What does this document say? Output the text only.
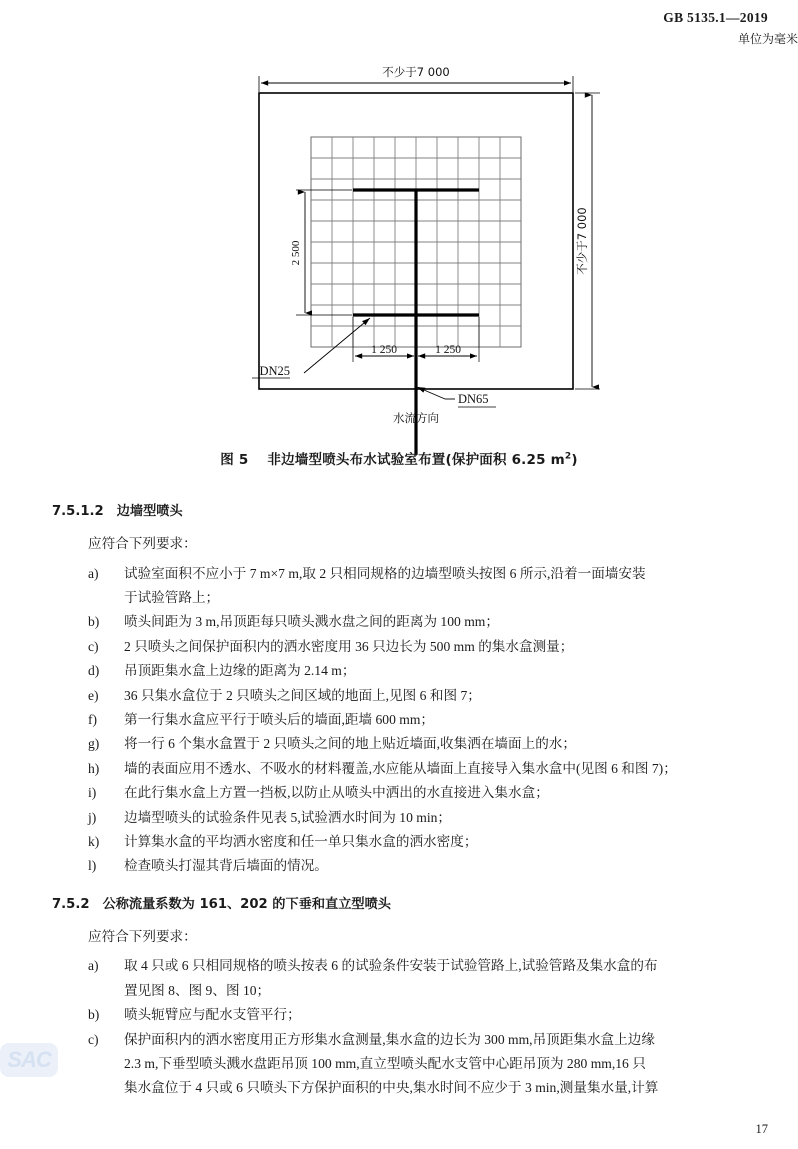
GB 5135.1—2019
单位为毫米
SAC
不少于7 000
不少于7 000
2 500
1 250	1 250
DN25
DN65
水流方向
图 5 非边墙型喷头布水试验室布置(保护面积 6.25 $m^2$)
7.5.1.2 边墙型喷头

应符合下列要求：

a)	试验室面积不应小于 7 m×7 m,取 2 只相同规格的边墙型喷头按图 6 所示,沿着一面墙安装
于试验管路上；
b)	喷头间距为 3 m,吊顶距每只喷头溅水盘之间的距离为 100 mm；
c)	2 只喷头之间保护面积内的洒水密度用 36 只边长为 500 mm 的集水盒测量；
d)	吊顶距集水盒上边缘的距离为 2.14 m；
e)	36 只集水盒位于 2 只喷头之间区域的地面上,见图 6 和图 7；
f)	第一行集水盒应平行于喷头后的墙面,距墙 600 mm；
g)	将一行 6 个集水盒置于 2 只喷头之间的地上贴近墙面,收集洒在墙面上的水；
h)	墙的表面应用不透水、不吸水的材料覆盖,水应能从墙面上直接导入集水盒中(见图 6 和图 7)；
i)	在此行集水盒上方置一挡板,以防止从喷头中洒出的水直接进入集水盒；
j)	边墙型喷头的试验条件见表 5,试验洒水时间为 10 min；
k)	计算集水盒的平均洒水密度和任一单只集水盒的洒水密度；
l)	检查喷头打湿其背后墙面的情况。
7.5.2 公称流量系数为 161、202 的下垂和直立型喷头

应符合下列要求：

a)	取 4 只或 6 只相同规格的喷头按表 6 的试验条件安装于试验管路上,试验管路及集水盒的布
置见图 8、图 9、图 10；
b)	喷头轭臂应与配水支管平行；
c)	保护面积内的洒水密度用正方形集水盒测量,集水盒的边长为 300 mm,吊顶距集水盒上边缘
2.3 m,下垂型喷头溅水盘距吊顶 100 mm,直立型喷头配水支管中心距吊顶为 280 mm,16 只
集水盒位于 4 只或 6 只喷头下方保护面积的中央,集水时间不应少于 3 min,测量集水量,计算
17
